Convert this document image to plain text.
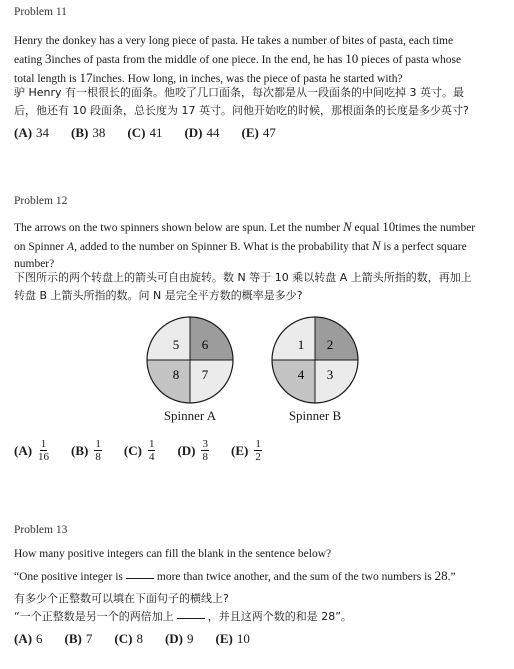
Problem 11
Henry the donkey has a very long piece of pasta. He takes a number of bites of pasta, each time
eating 3inches of pasta from the middle of one piece. In the end, he has 10 pieces of pasta whose
total length is 17inches. How long, in inches, was the piece of pasta he started with?
驴 Henry 有一根很长的面条。他咬了几口面条，每次都是从一段面条的中间吃掉 3 英寸。最
后，他还有 10 段面条，总长度为 17 英寸。问他开始吃的时候，那根面条的长度是多少英寸?
(A) 34 (B) 38 (C) 41 (D) 44 (E) 47
Problem 12
The arrows on the two spinners shown below are spun. Let the number N equal 10times the number
on Spinner A, added to the number on Spinner B. What is the probability that N is a perfect square
number?
下图所示的两个转盘上的箭头可自由旋转。数 N 等于 10 乘以转盘 A 上箭头所指的数，再加上
转盘 B 上箭头所指的数。问 N 是完全平方数的概率是多少?
5 6
8 7
Spinner A
1 2
4 3
Spinner B
$(A) \frac{1}{16} (B) \frac{1}{8} (C) \frac{1}{4} (D) \frac{3}{8} (E) \frac{1}{2}$
Problem 13
How many positive integers can fill the blank in the sentence below?
“One positive integer is	more than twice another, and the sum of the two numbers is 28.”
有多少个正整数可以填在下面句子的横线上?
“一个正整数是另一个的两倍加上	，并且这两个数的和是 28”。
(A) 6 (B) 7 (C) 8 (D) 9 (E) 10
